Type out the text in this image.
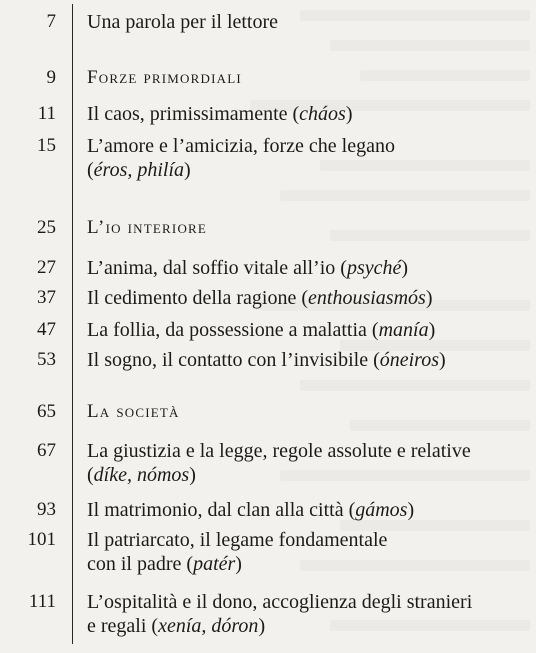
7 Una parola per il lettore
9 Forze primordiali
11 Il caos, primissimamente (cháos)
15 L’amore e l’amicizia, forze che legano
(éros, philía)
25 L’io interiore
27 L’anima, dal soffio vitale all’io (psyché)
37 Il cedimento della ragione (enthousiasmós)
47 La follia, da possessione a malattia (manía)
53 Il sogno, il contatto con l’invisibile (óneiros)
65 La società
67 La giustizia e la legge, regole assolute e relative
(díke, nómos)
93 Il matrimonio, dal clan alla città (gámos)
101 Il patriarcato, il legame fondamentale
con il padre (patér)
111 L’ospitalità e il dono, accoglienza degli stranieri
e regali (xenía, dóron)
